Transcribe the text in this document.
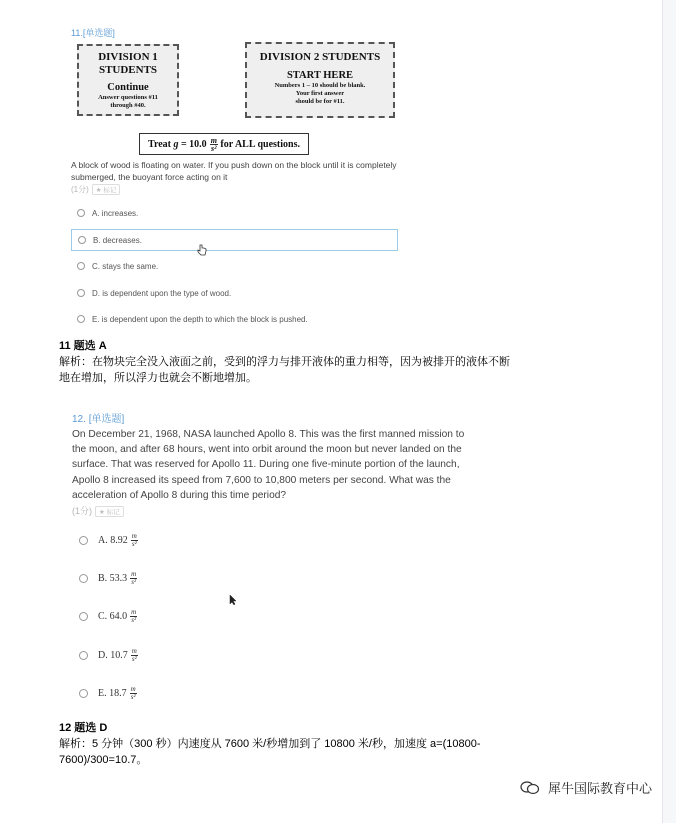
11.[单选题]
DIVISION 1
STUDENTS
Continue
Answer questions #11
through #40.
DIVISION 2 STUDENTS
START HERE
Numbers 1 – 10 should be blank.
Your first answer
should be for #11.
Treat
g
= $10.0 \frac{m}{\text{s²}}$
for ALL questions.
A block of wood is floating on water. If you push down on the block until it is completely submerged, the buoyant force acting on it
(1分) ★ 标记
A. increases.
B. decreases.
C. stays the same.
D. is dependent upon the type of wood.
E. is dependent upon the depth to which the block is pushed.
11 题选 A
解析：在物块完全没入液面之前，受到的浮力与排开液体的重力相等，因为被排开的液体不断
地在增加，所以浮力也就会不断地增加。
12. [单选题]
On December 21, 1968, NASA launched Apollo 8. This was the first manned mission to the moon, and after 68 hours, went into orbit around the moon but never landed on the surface. That was reserved for Apollo 11. During one five-minute portion of the launch, Apollo 8 increased its speed from 7,600 to 10,800 meters per second. What was the acceleration of Apollo 8 during this time period?
(1分) ★ 标记
A. $8.92 \frac{m}{\text{s²}}$
B. $53.3 \frac{m}{\text{s²}}$
C. $64.0 \frac{m}{\text{s²}}$
D. $10.7 \frac{m}{\text{s²}}$
E. $18.7 \frac{m}{\text{s²}}$
12 题选 D
解析：5 分钟（300 秒）内速度从 7600 米/秒增加到了 10800 米/秒，加速度 a=(10800-
7600)/300=10.7。
犀牛国际教育中心
